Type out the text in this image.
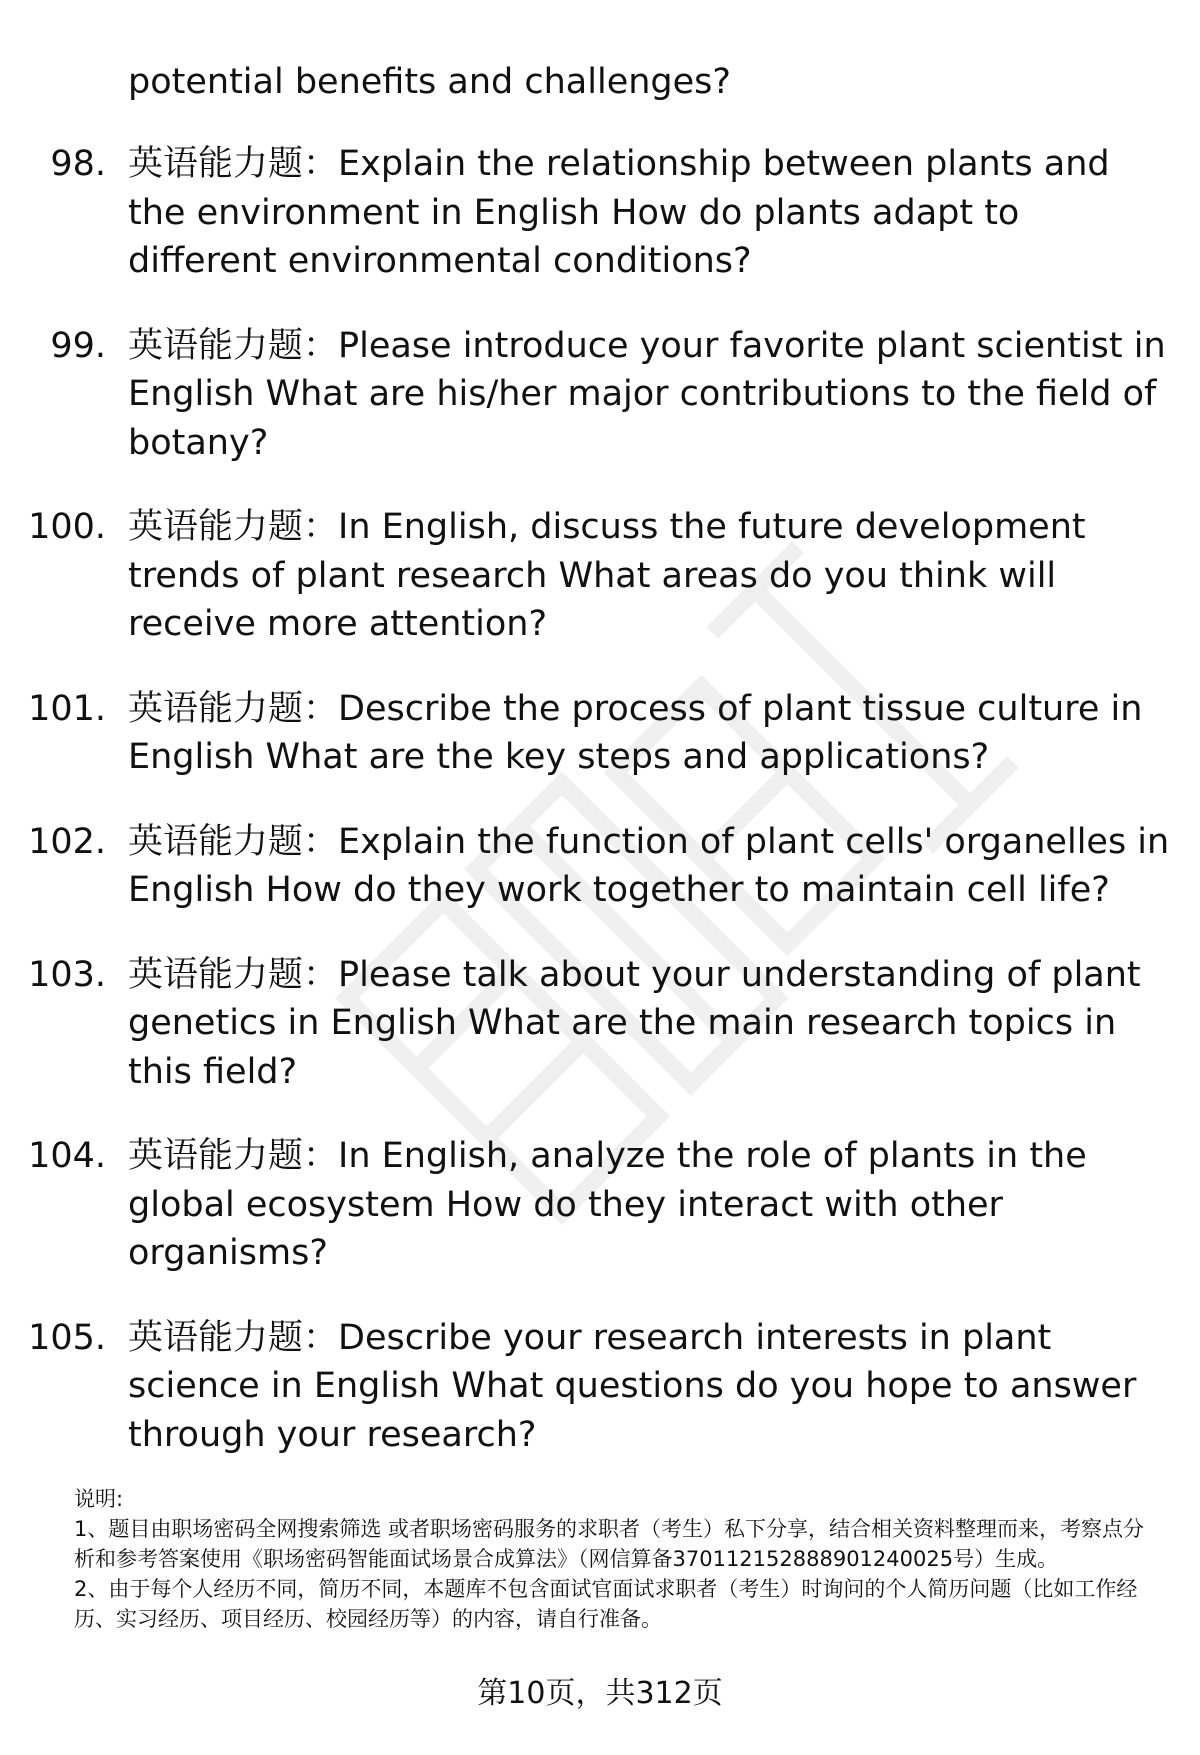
potential benefits and challenges?
98. 英语能力题：Explain the relationship between plants and the environment in English How do plants adapt to different environmental conditions?
99. 英语能力题：Please introduce your favorite plant scientist in English What are his/her major contributions to the field of botany?
100. 英语能力题：In English, discuss the future development trends of plant research What areas do you think will receive more attention?
101. 英语能力题：Describe the process of plant tissue culture in English What are the key steps and applications?
102. 英语能力题：Explain the function of plant cells' organelles in English How do they work together to maintain cell life?
103. 英语能力题：Please talk about your understanding of plant genetics in English What are the main research topics in this field?
104. 英语能力题：In English, analyze the role of plants in the global ecosystem How do they interact with other organisms?
105. 英语能力题：Describe your research interests in plant science in English What questions do you hope to answer through your research?

说明:

1、题目由职场密码全网搜索筛选 或者职场密码服务的求职者（考生）私下分享，结合相关资料整理而来，考察点分析和参考答案使用《职场密码智能面试场景合成算法》（网信算备370112152888901240025号）生成。

2、由于每个人经历不同，简历不同，本题库不包含面试官面试求职者（考生）时询问的个人简历问题（比如工作经历、实习经历、项目经历、校园经历等）的内容，请自行准备。

第10页，共312页
